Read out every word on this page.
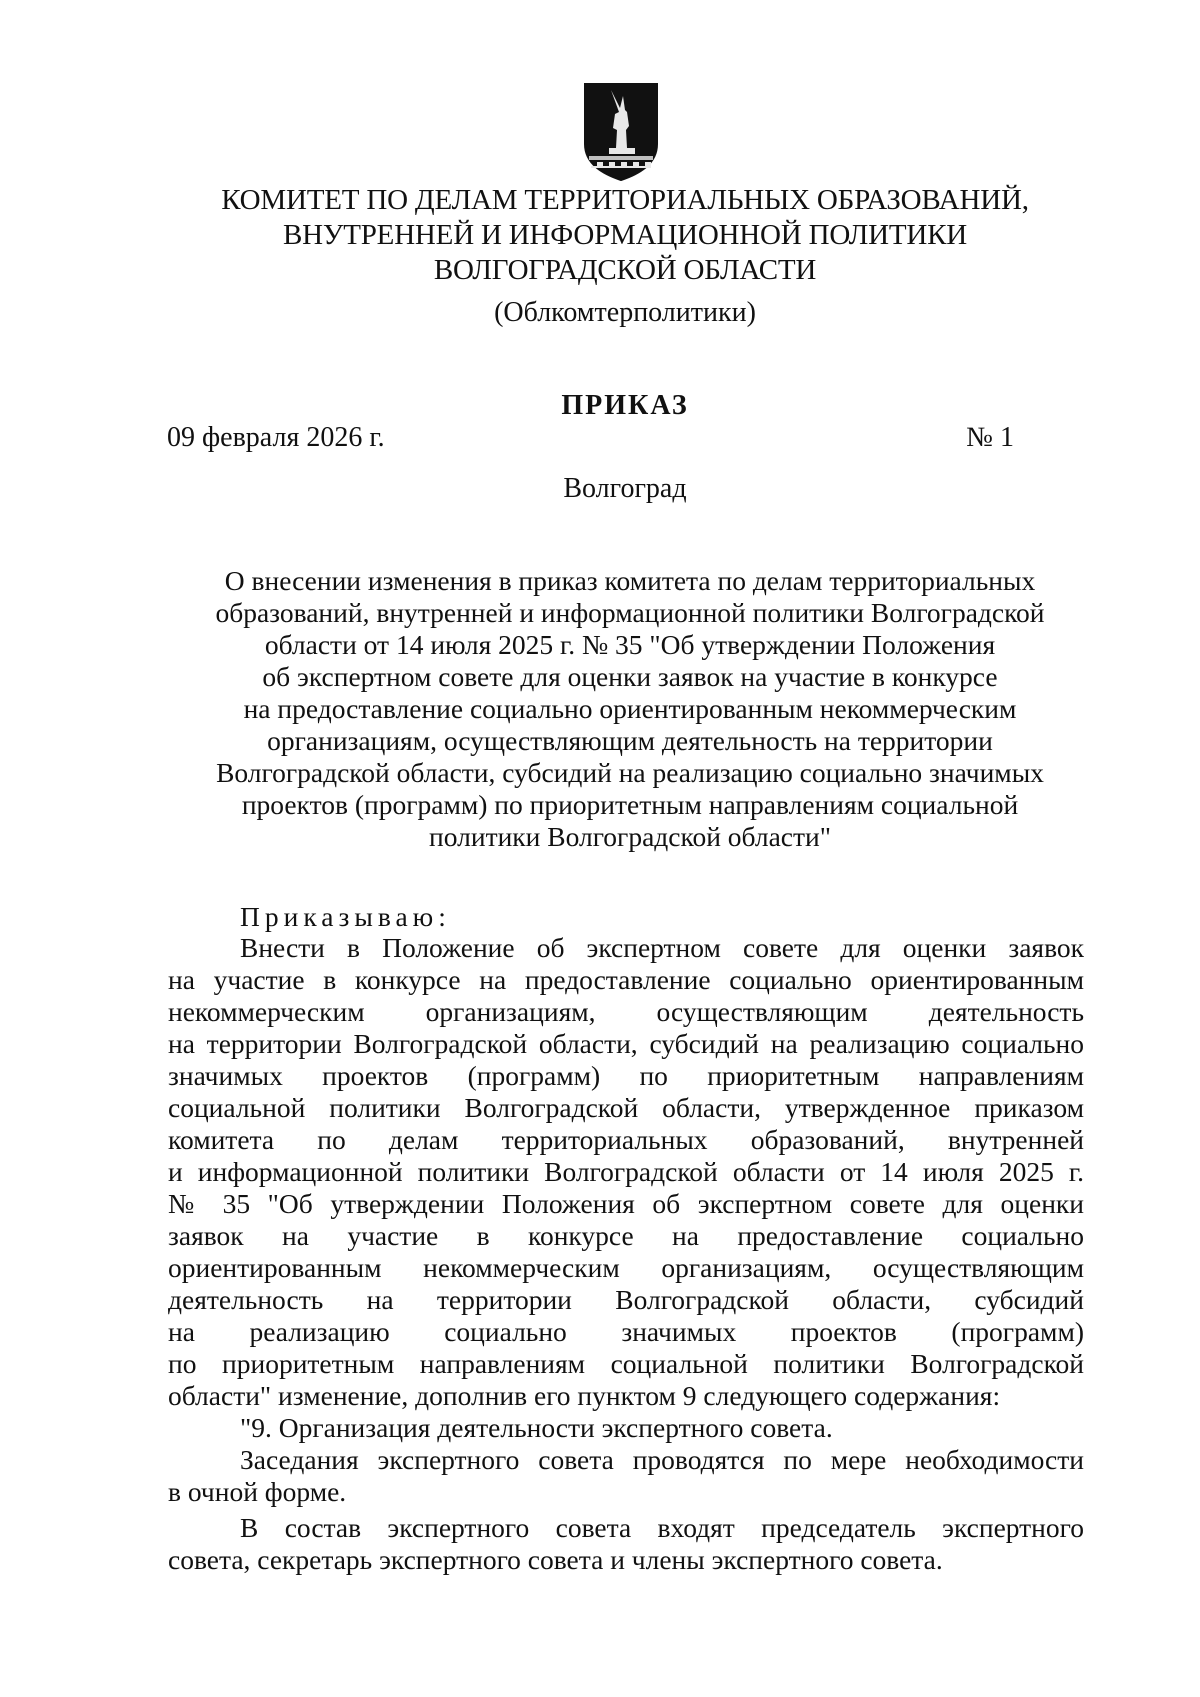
КОМИТЕТ ПО ДЕЛАМ ТЕРРИТОРИАЛЬНЫХ ОБРАЗОВАНИЙ,
ВНУТРЕННЕЙ И ИНФОРМАЦИОННОЙ ПОЛИТИКИ
ВОЛГОГРАДСКОЙ ОБЛАСТИ
(Облкомтерполитики)
ПРИКАЗ
09 февраля 2026 г.	№ 1
Волгоград
О внесении изменения в приказ комитета по делам территориальных
образований, внутренней и информационной политики Волгоградской
области от 14 июля 2025 г. № 35 "Об утверждении Положения
об экспертном совете для оценки заявок на участие в конкурсе
на предоставление социально ориентированным некоммерческим
организациям, осуществляющим деятельность на территории
Волгоградской области, субсидий на реализацию социально значимых
проектов (программ) по приоритетным направлениям социальной
политики Волгоградской области"
Приказываю:
Внести в Положение об экспертном совете для оценки заявок
на участие в конкурсе на предоставление социально ориентированным
некоммерческим организациям, осуществляющим деятельность
на территории Волгоградской области, субсидий на реализацию социально
значимых проектов (программ) по приоритетным направлениям
социальной политики Волгоградской области, утвержденное приказом
комитета по делам территориальных образований, внутренней
и информационной политики Волгоградской области от 14 июля 2025 г.
№ 35 "Об утверждении Положения об экспертном совете для оценки
заявок на участие в конкурсе на предоставление социально
ориентированным некоммерческим организациям, осуществляющим
деятельность на территории Волгоградской области, субсидий
на реализацию социально значимых проектов (программ)
по приоритетным направлениям социальной политики Волгоградской
области" изменение, дополнив его пунктом 9 следующего содержания:
"9. Организация деятельности экспертного совета.
Заседания экспертного совета проводятся по мере необходимости
в очной форме.
В состав экспертного совета входят председатель экспертного
совета, секретарь экспертного совета и члены экспертного совета.
